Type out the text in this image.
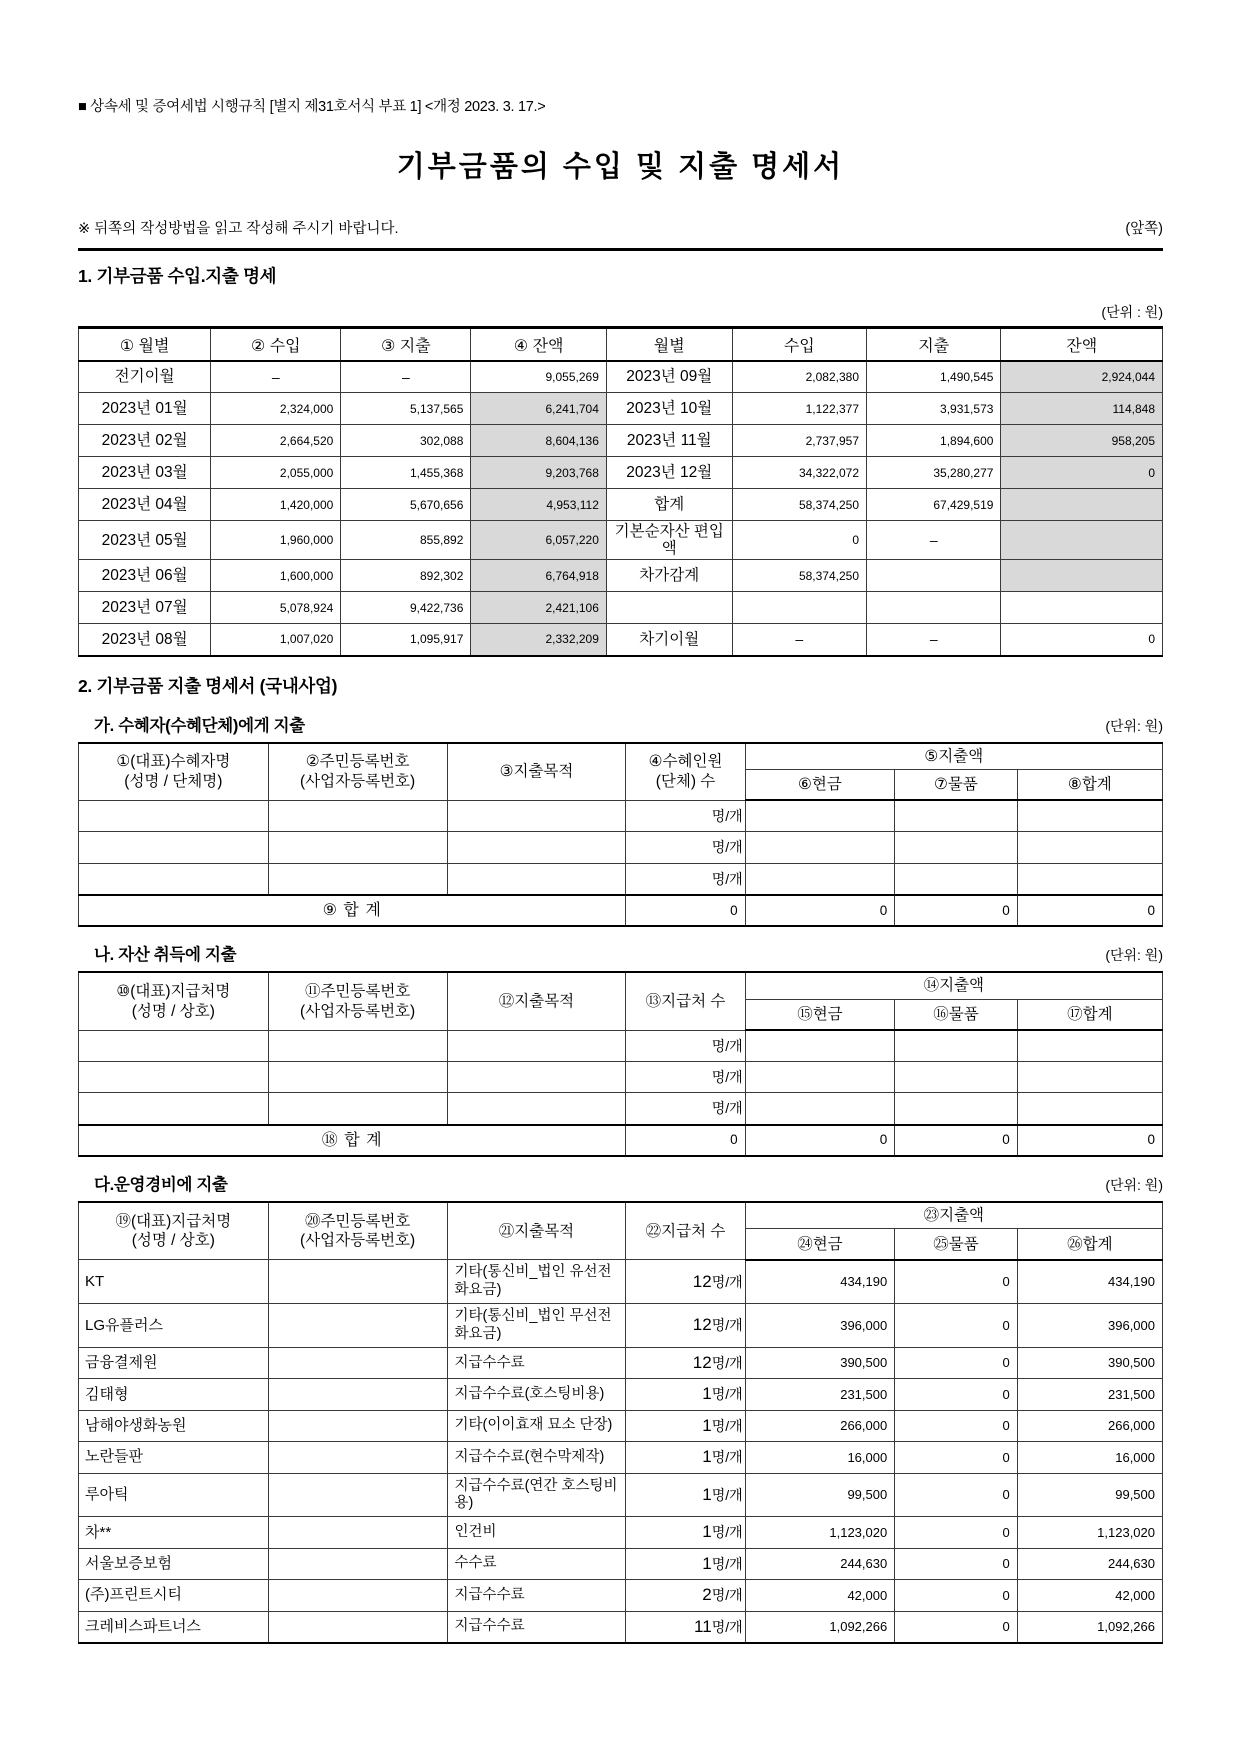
■ 상속세 및 증여세법 시행규칙 [별지 제31호서식 부표 1] <개정 2023. 3. 17.>
기부금품의 수입 및 지출 명세서
※ 뒤쪽의 작성방법을 읽고 작성해 주시기 바랍니다.	(앞쪽)
1. 기부금품 수입.지출 명세
(단위 : 원)
① 월별	② 수입	③ 지출	④ 잔액	월별	수입	지출	잔액
전기이월	–	–	9,055,269	2023년 09월	2,082,380	1,490,545	2,924,044
2023년 01월	2,324,000	5,137,565	6,241,704	2023년 10월	1,122,377	3,931,573	114,848
2023년 02월	2,664,520	302,088	8,604,136	2023년 11월	2,737,957	1,894,600	958,205
2023년 03월	2,055,000	1,455,368	9,203,768	2023년 12월	34,322,072	35,280,277	0
2023년 04월	1,420,000	5,670,656	4,953,112	합계	58,374,250	67,429,519	
2023년 05월	1,960,000	855,892	6,057,220	기본순자산 편입액	0	–	
2023년 06월	1,600,000	892,302	6,764,918	차가감계	58,374,250		
2023년 07월	5,078,924	9,422,736	2,421,106				
2023년 08월	1,007,020	1,095,917	2,332,209	차기이월	–	–	0
2. 기부금품 지출 명세서 (국내사업)
가. 수혜자(수혜단체)에게 지출	(단위: 원)
①(대표)수혜자명
(성명 / 단체명)	②주민등록번호
(사업자등록번호)	③지출목적	④수혜인원
(단체) 수	⑤지출액		
				⑥현금	⑦물품	⑧합계
			명/개			
			명/개			
			명/개			
⑨ 합 계			0	0	0	0
나. 자산 취득에 지출	(단위: 원)
⑩(대표)지급처명
(성명 / 상호)	⑪주민등록번호
(사업자등록번호)	⑫지출목적	⑬지급처 수	⑭지출액		
				⑮현금	⑯물품	⑰합계
			명/개			
			명/개			
			명/개			
⑱ 합 계			0	0	0	0
다.운영경비에 지출	(단위: 원)
⑲(대표)지급처명
(성명 / 상호)	⑳주민등록번호
(사업자등록번호)	㉑지출목적	㉒지급처 수	㉓지출액		
				㉔현금	㉕물품	㉖합계
KT		기타(통신비_법인 유선전화요금)	12명/개	434,190	0	434,190
LG유플러스		기타(통신비_법인 무선전화요금)	12명/개	396,000	0	396,000
금융결제원		지급수수료	12명/개	390,500	0	390,500
김태형		지급수수료(호스팅비용)	1명/개	231,500	0	231,500
남해야생화농원		기타(이이효재 묘소 단장)	1명/개	266,000	0	266,000
노란들판		지급수수료(현수막제작)	1명/개	16,000	0	16,000
루아틱		지급수수료(연간 호스팅비용)	1명/개	99,500	0	99,500
차**		인건비	1명/개	1,123,020	0	1,123,020
서울보증보험		수수료	1명/개	244,630	0	244,630
(주)프린트시티		지급수수료	2명/개	42,000	0	42,000
크레비스파트너스		지급수수료	11명/개	1,092,266	0	1,092,266
